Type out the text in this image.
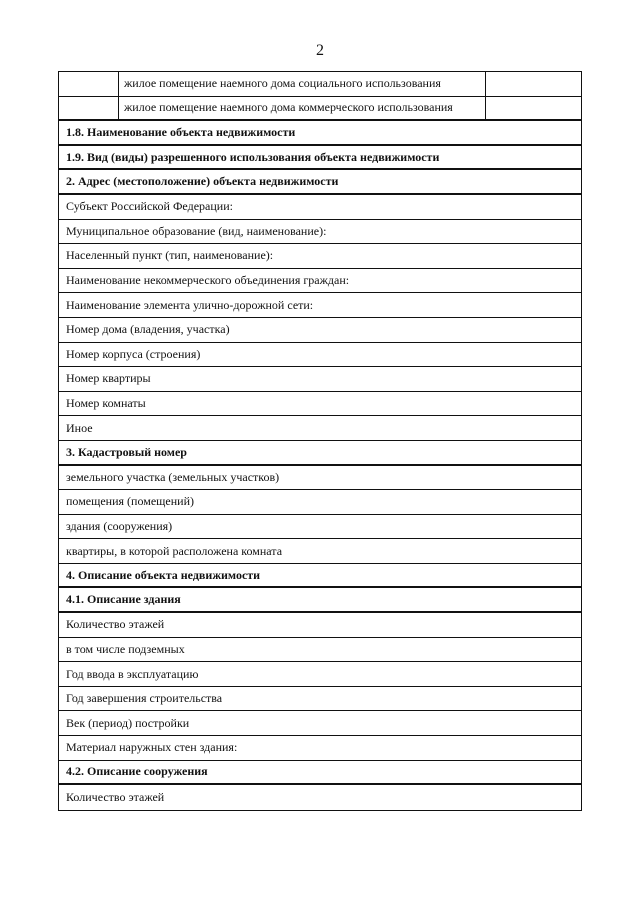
2
жилое помещение наемного дома социального использования
жилое помещение наемного дома коммерческого использования
1.8. Наименование объекта недвижимости
1.9. Вид (виды) разрешенного использования объекта недвижимости
2. Адрес (местоположение) объекта недвижимости
Субъект Российской Федерации:
Муниципальное образование (вид, наименование):
Населенный пункт (тип, наименование):
Наименование некоммерческого объединения граждан:
Наименование элемента улично-дорожной сети:
Номер дома (владения, участка)
Номер корпуса (строения)
Номер квартиры
Номер комнаты
Иное
3. Кадастровый номер
земельного участка (земельных участков)
помещения (помещений)
здания (сооружения)
квартиры, в которой расположена комната
4. Описание объекта недвижимости
4.1. Описание здания
Количество этажей
в том числе подземных
Год ввода в эксплуатацию
Год завершения строительства
Век (период) постройки
Материал наружных стен здания:
4.2. Описание сооружения
Количество этажей
